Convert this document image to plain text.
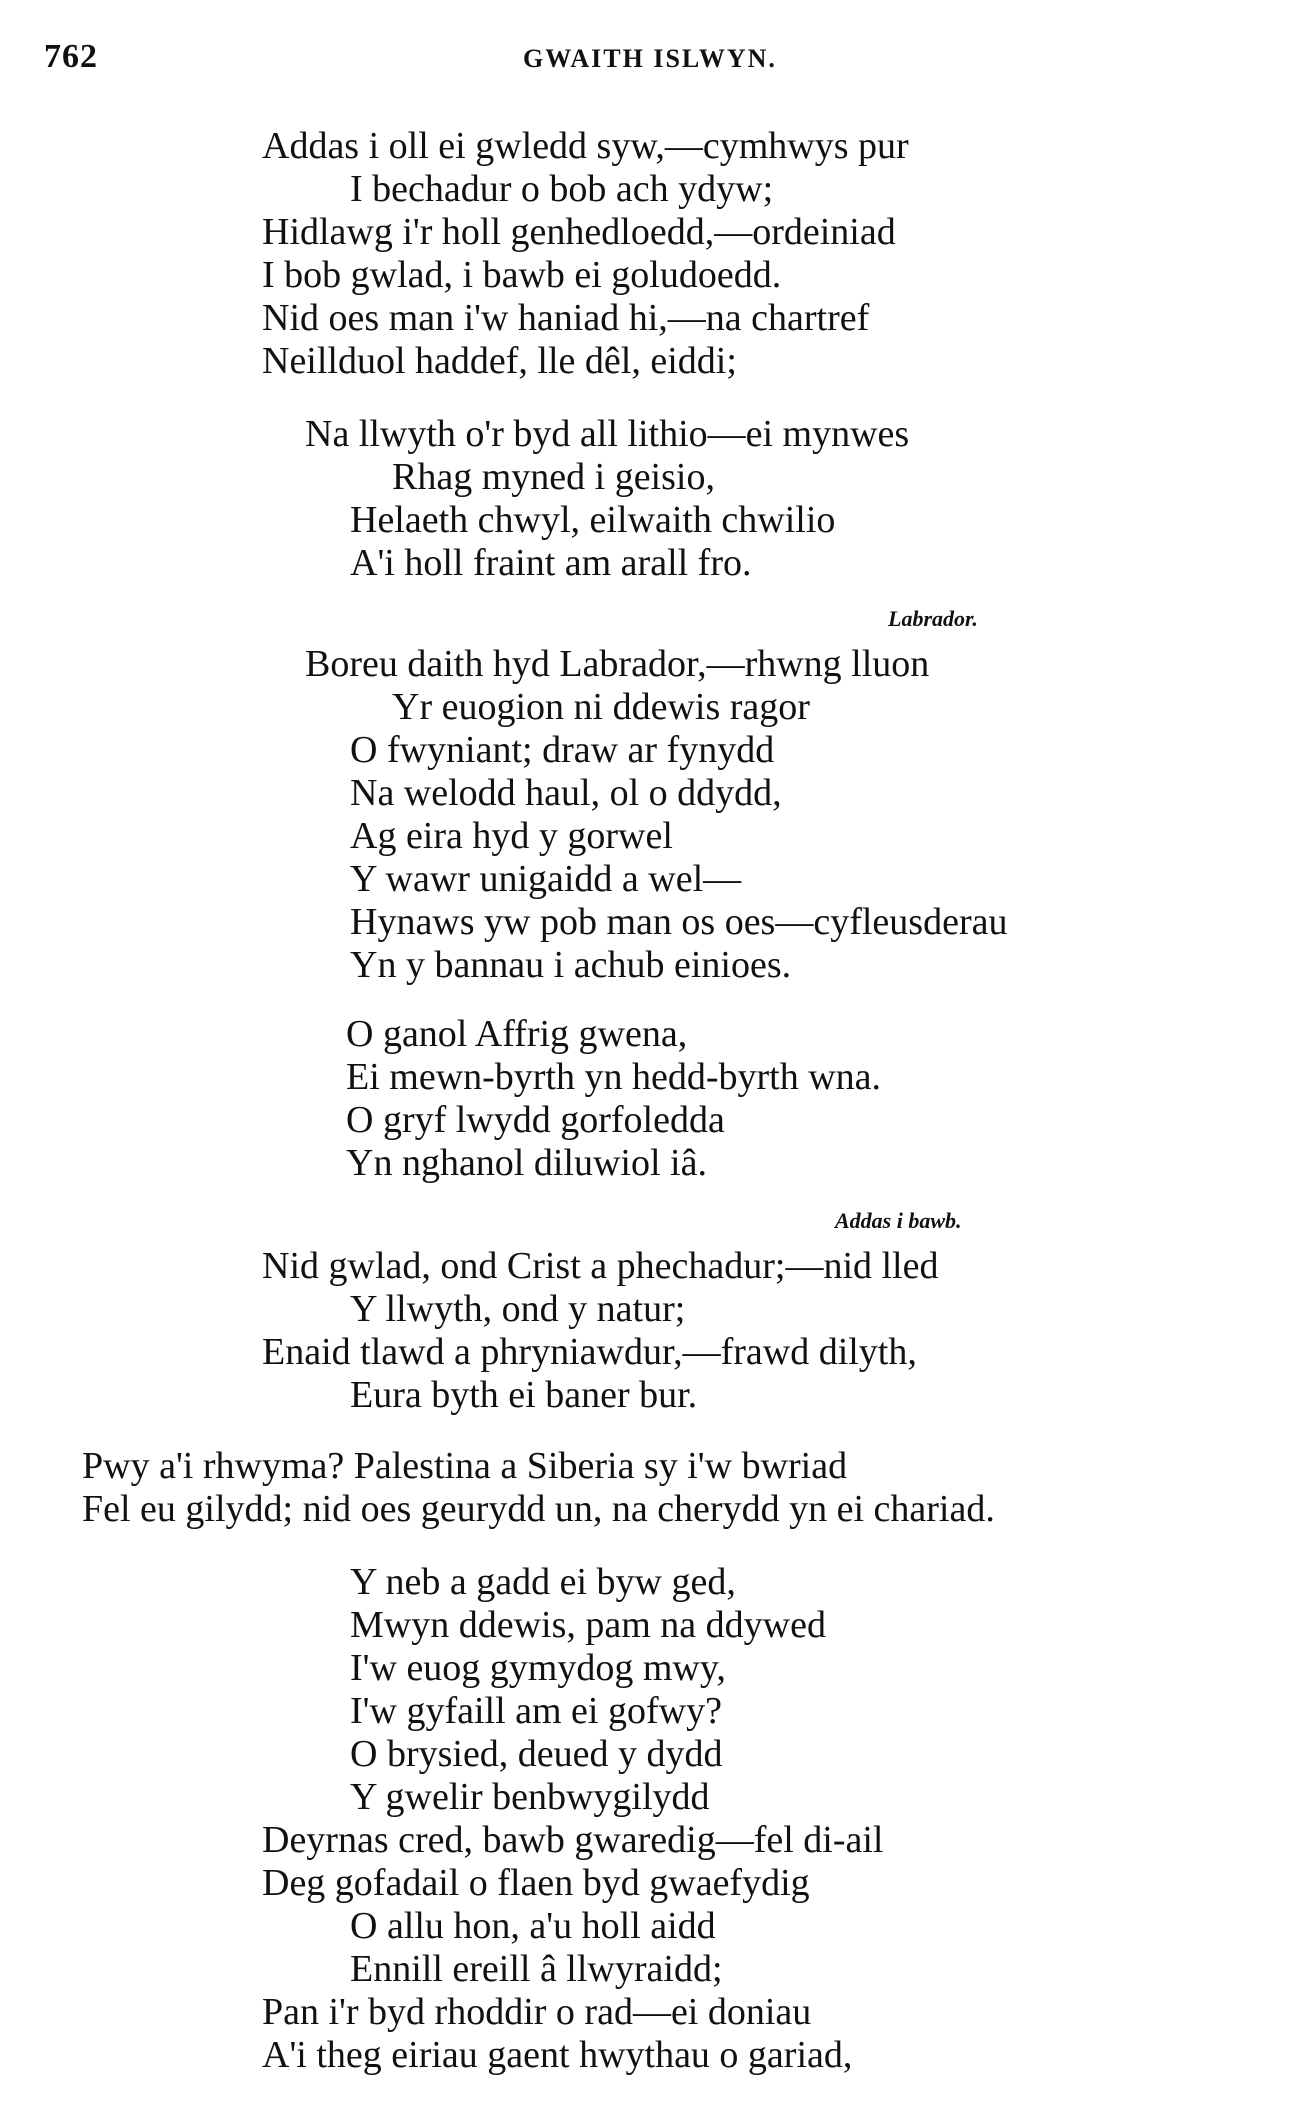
762	GWAITH ISLWYN.
Addas i oll ei gwledd syw,—cymhwys pur
I bechadur o bob ach ydyw;
Hidlawg i'r holl genhedloedd,—ordeiniad
I bob gwlad, i bawb ei goludoedd.
Nid oes man i'w haniad hi,—na chartref
Neillduol haddef, lle dêl, eiddi;
Na llwyth o'r byd all lithio—ei mynwes
Rhag myned i geisio,
Helaeth chwyl, eilwaith chwilio
A'i holl fraint am arall fro.
Labrador.
Boreu daith hyd Labrador,—rhwng lluon
Yr euogion ni ddewis ragor
O fwyniant; draw ar fynydd
Na welodd haul, ol o ddydd,
Ag eira hyd y gorwel
Y wawr unigaidd a wel—
Hynaws yw pob man os oes—cyfleusderau
Yn y bannau i achub einioes.
O ganol Affrig gwena,
Ei mewn-byrth yn hedd-byrth wna.
O gryf lwydd gorfoledda
Yn nghanol diluwiol iâ.
Addas i bawb.
Nid gwlad, ond Crist a phechadur;—nid lled
Y llwyth, ond y natur;
Enaid tlawd a phryniawdur,—frawd dilyth,
Eura byth ei baner bur.
Pwy a'i rhwyma? Palestina a Siberia sy i'w bwriad
Fel eu gilydd; nid oes geurydd un, na cherydd yn ei chariad.
Y neb a gadd ei byw ged,
Mwyn ddewis, pam na ddywed
I'w euog gymydog mwy,
I'w gyfaill am ei gofwy?
O brysied, deued y dydd
Y gwelir benbwygilydd
Deyrnas cred, bawb gwaredig—fel di-ail
Deg gofadail o flaen byd gwaefydig
O allu hon, a'u holl aidd
Ennill ereill â llwyraidd;
Pan i'r byd rhoddir o rad—ei doniau
A'i theg eiriau gaent hwythau o gariad,
